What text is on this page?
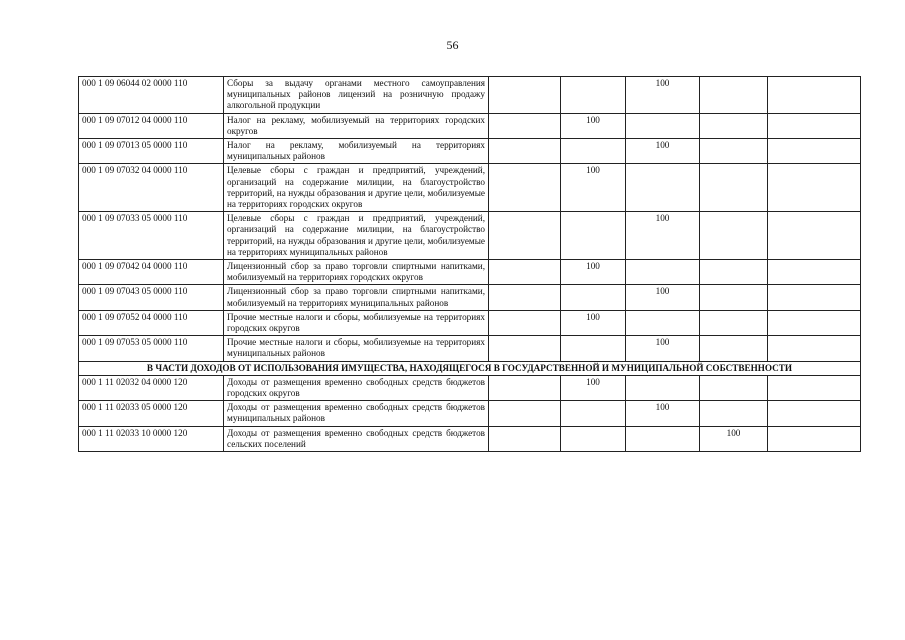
56
000 1 09 06044 02 0000 110	Сборы за выдачу органами местного самоуправления муниципальных районов лицензий на розничную продажу алкогольной продукции			100		
000 1 09 07012 04 0000 110	Налог на рекламу, мобилизуемый на территориях городских округов		100			
000 1 09 07013 05 0000 110	Налог на рекламу, мобилизуемый на территориях муниципальных районов			100		
000 1 09 07032 04 0000 110	Целевые сборы с граждан и предприятий, учреждений, организаций на содержание милиции, на благоустройство территорий, на нужды образования и другие цели, мобилизуемые на территориях городских округов		100			
000 1 09 07033 05 0000 110	Целевые сборы с граждан и предприятий, учреждений, организаций на содержание милиции, на благоустройство территорий, на нужды образования и другие цели, мобилизуемые на территориях муниципальных районов			100		
000 1 09 07042 04 0000 110	Лицензионный сбор за право торговли спиртными напитками, мобилизуемый на территориях городских округов		100			
000 1 09 07043 05 0000 110	Лицензионный сбор за право торговли спиртными напитками, мобилизуемый на территориях муниципальных районов			100		
000 1 09 07052 04 0000 110	Прочие местные налоги и сборы, мобилизуемые на территориях городских округов		100			
000 1 09 07053 05 0000 110	Прочие местные налоги и сборы, мобилизуемые на территориях муниципальных районов			100		
В ЧАСТИ ДОХОДОВ ОТ ИСПОЛЬЗОВАНИЯ ИМУЩЕСТВА, НАХОДЯЩЕГОСЯ В ГОСУДАРСТВЕННОЙ И МУНИЦИПАЛЬНОЙ СОБСТВЕННОСТИ						
000 1 11 02032 04 0000 120	Доходы от размещения временно свободных средств бюджетов городских округов		100			
000 1 11 02033 05 0000 120	Доходы от размещения временно свободных средств бюджетов муниципальных районов			100		
000 1 11 02033 10 0000 120	Доходы от размещения временно свободных средств бюджетов сельских поселений				100	
